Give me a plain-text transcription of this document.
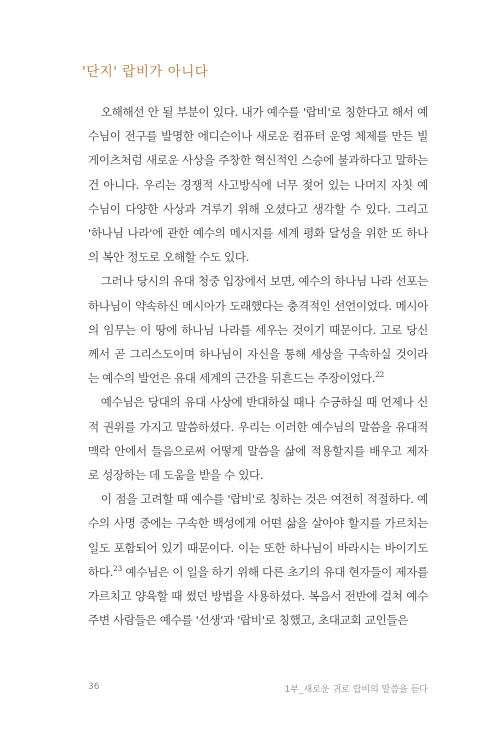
'단지' 랍비가 아니다

오해해선 안 될 부분이 있다. 내가 예수를 '랍비'로 칭한다고 해서 예수님이 전구를 발명한 에디슨이나 새로운 컴퓨터 운영 체제를 만든 빌 게이츠처럼 새로운 사상을 주창한 혁신적인 스승에 불과하다고 말하는 건 아니다. 우리는 경쟁적 사고방식에 너무 젖어 있는 나머지 자칫 예수님이 다양한 사상과 겨루기 위해 오셨다고 생각할 수 있다. 그리고 '하나님 나라'에 관한 예수의 메시지를 세계 평화 달성을 위한 또 하나의 복안 정도로 오해할 수도 있다.

그러나 당시의 유대 청중 입장에서 보면, 예수의 하나님 나라 선포는 하나님이 약속하신 메시아가 도래했다는 충격적인 선언이었다. 메시아의 임무는 이 땅에 하나님 나라를 세우는 것이기 때문이다. 고로 당신께서 곧 그리스도이며 하나님이 자신을 통해 세상을 구속하실 것이라는 예수의 발언은 유대 세계의 근간을 뒤흔드는 주장이었다.$^{22}$

예수님은 당대의 유대 사상에 반대하실 때나 수긍하실 때 언제나 신적 권위를 가지고 말씀하셨다. 우리는 이러한 예수님의 말씀을 유대적 맥락 안에서 들음으로써 어떻게 말씀을 삶에 적용할지를 배우고 제자로 성장하는 데 도움을 받을 수 있다.

이 점을 고려할 때 예수를 '랍비'로 칭하는 것은 여전히 적절하다. 예수의 사명 중에는 구속한 백성에게 어떤 삶을 살아야 할지를 가르치는 일도 포함되어 있기 때문이다. 이는 또한 하나님이 바라시는 바이기도 하다.$^{23}$ 예수님은 이 일을 하기 위해 다른 초기의 유대 현자들이 제자를 가르치고 양육할 때 썼던 방법을 사용하셨다. 복음서 전반에 걸쳐 예수 주변 사람들은 예수를 '선생'과 '랍비'로 칭했고, 초대교회 교인들은

36	1부_새로운 귀로 랍비의 말씀을 듣다
